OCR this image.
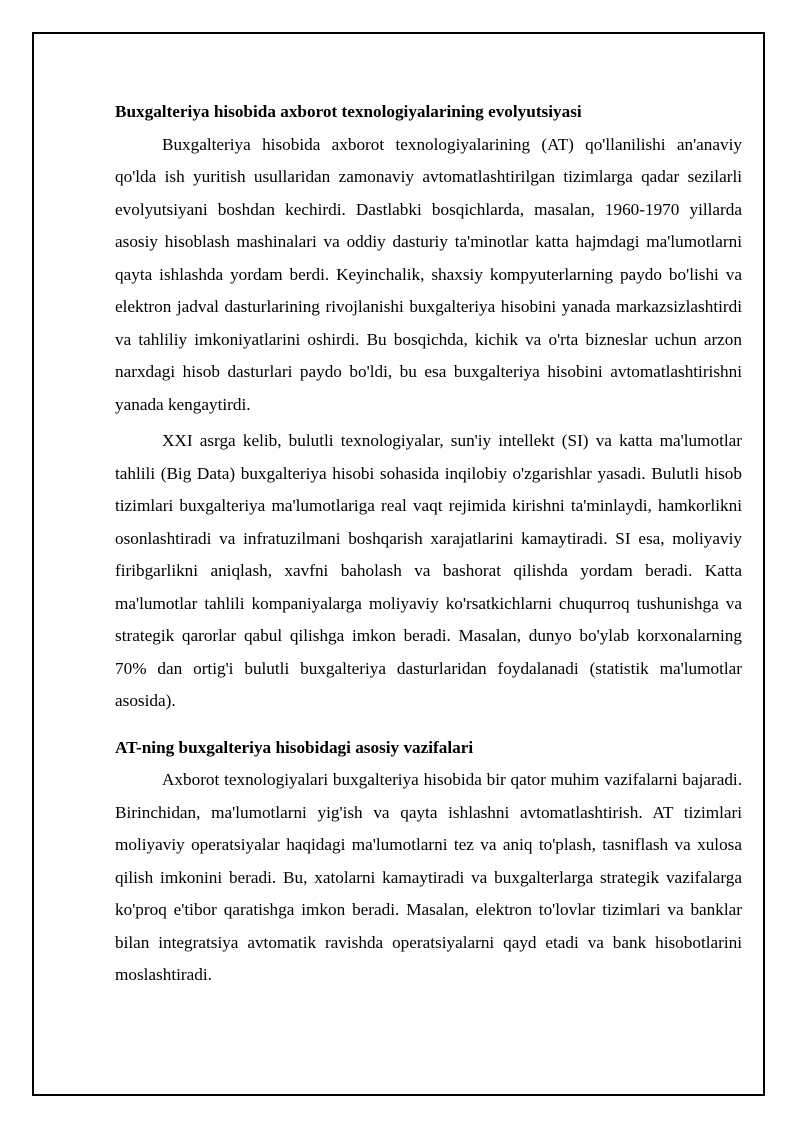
Buxgalteriya hisobida axborot texnologiyalarining evolyutsiyasi

Buxgalteriya hisobida axborot texnologiyalarining (AT) qo'llanilishi an'anaviy qo'lda ish yuritish usullaridan zamonaviy avtomatlashtirilgan tizimlarga qadar sezilarli evolyutsiyani boshdan kechirdi. Dastlabki bosqichlarda, masalan, 1960-1970 yillarda asosiy hisoblash mashinalari va oddiy dasturiy ta'minotlar katta hajmdagi ma'lumotlarni qayta ishlashda yordam berdi. Keyinchalik, shaxsiy kompyuterlarning paydo bo'lishi va elektron jadval dasturlarining rivojlanishi buxgalteriya hisobini yanada markazsizlashtirdi va tahliliy imkoniyatlarini oshirdi. Bu bosqichda, kichik va o'rta bizneslar uchun arzon narxdagi hisob dasturlari paydo bo'ldi, bu esa buxgalteriya hisobini avtomatlashtirishni yanada kengaytirdi.

XXI asrga kelib, bulutli texnologiyalar, sun'iy intellekt (SI) va katta ma'lumotlar tahlili (Big Data) buxgalteriya hisobi sohasida inqilobiy o'zgarishlar yasadi. Bulutli hisob tizimlari buxgalteriya ma'lumotlariga real vaqt rejimida kirishni ta'minlaydi, hamkorlikni osonlashtiradi va infratuzilmani boshqarish xarajatlarini kamaytiradi. SI esa, moliyaviy firibgarlikni aniqlash, xavfni baholash va bashorat qilishda yordam beradi. Katta ma'lumotlar tahlili kompaniyalarga moliyaviy ko'rsatkichlarni chuqurroq tushunishga va strategik qarorlar qabul qilishga imkon beradi. Masalan, dunyo bo'ylab korxonalarning 70% dan ortig'i bulutli buxgalteriya dasturlaridan foydalanadi (statistik ma'lumotlar asosida).

AT-ning buxgalteriya hisobidagi asosiy vazifalari

Axborot texnologiyalari buxgalteriya hisobida bir qator muhim vazifalarni bajaradi. Birinchidan, ma'lumotlarni yig'ish va qayta ishlashni avtomatlashtirish. AT tizimlari moliyaviy operatsiyalar haqidagi ma'lumotlarni tez va aniq to'plash, tasniflash va xulosa qilish imkonini beradi. Bu, xatolarni kamaytiradi va buxgalterlarga strategik vazifalarga ko'proq e'tibor qaratishga imkon beradi. Masalan, elektron to'lovlar tizimlari va banklar bilan integratsiya avtomatik ravishda operatsiyalarni qayd etadi va bank hisobotlarini moslashtiradi.
